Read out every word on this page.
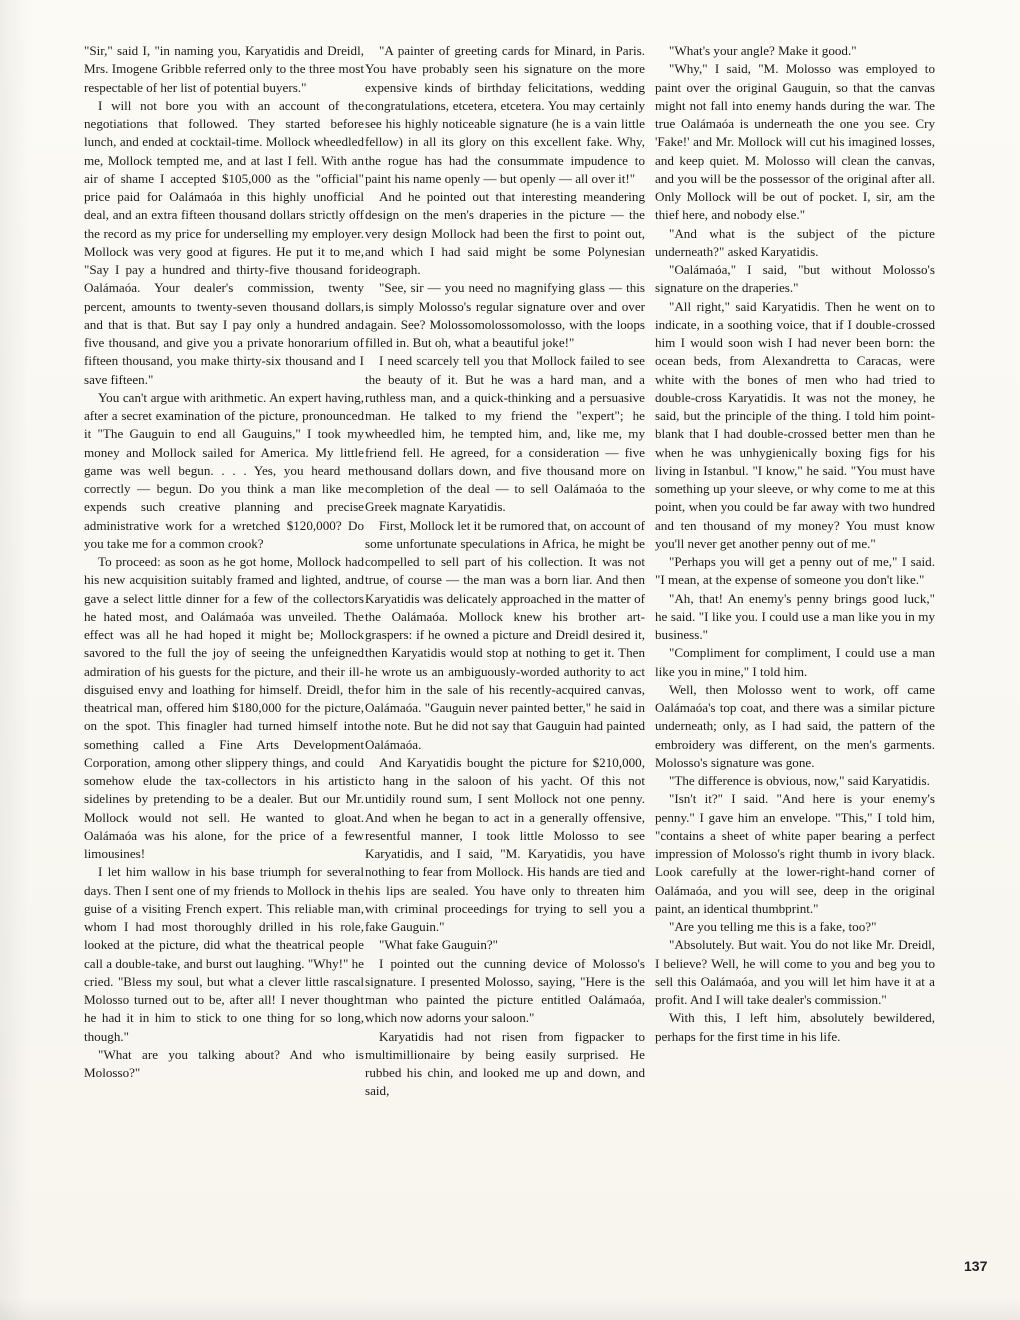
"Sir," said I, "in naming you, Karyatidis and Dreidl, Mrs. Imogene Gribble referred only to the three most respectable of her list of potential buyers."

I will not bore you with an account of the negotiations that followed. They started before lunch, and ended at cocktail-time. Mollock wheedled me, Mollock tempted me, and at last I fell. With an air of shame I accepted $105,000 as the "official" price paid for Oalámaóa in this highly unofficial deal, and an extra fifteen thousand dollars strictly off the record as my price for underselling my employer. Mollock was very good at figures. He put it to me, "Say I pay a hundred and thirty-five thousand for Oalámaóa. Your dealer's commission, twenty percent, amounts to twenty-seven thousand dollars, and that is that. But say I pay only a hundred and five thousand, and give you a private honorarium of fifteen thousand, you make thirty-six thousand and I save fifteen."

You can't argue with arithmetic. An expert having, after a secret examination of the picture, pronounced it "The Gauguin to end all Gauguins," I took my money and Mollock sailed for America. My little game was well begun. . . . Yes, you heard me correctly — begun. Do you think a man like me expends such creative planning and precise administrative work for a wretched $120,000? Do you take me for a common crook?

To proceed: as soon as he got home, Mollock had his new acquisition suitably framed and lighted, and gave a select little dinner for a few of the collectors he hated most, and Oalámaóa was unveiled. The effect was all he had hoped it might be; Mollock savored to the full the joy of seeing the unfeigned admiration of his guests for the picture, and their ill-disguised envy and loathing for himself. Dreidl, the theatrical man, offered him $180,000 for the picture, on the spot. This finagler had turned himself into something called a Fine Arts Development Corporation, among other slippery things, and could somehow elude the tax-collectors in his artistic sidelines by pretending to be a dealer. But our Mr. Mollock would not sell. He wanted to gloat. Oalámaóa was his alone, for the price of a few limousines!

I let him wallow in his base triumph for several days. Then I sent one of my friends to Mollock in the guise of a visiting French expert. This reliable man, whom I had most thoroughly drilled in his role, looked at the picture, did what the theatrical people call a double-take, and burst out laughing. "Why!" he cried. "Bless my soul, but what a clever little rascal Molosso turned out to be, after all! I never thought he had it in him to stick to one thing for so long, though."

"What are you talking about? And who is Molosso?"

"A painter of greeting cards for Minard, in Paris. You have probably seen his signature on the more expensive kinds of birthday felicitations, wedding congratulations, etcetera, etcetera. You may certainly see his highly noticeable signature (he is a vain little fellow) in all its glory on this excellent fake. Why, the rogue has had the consummate impudence to paint his name openly — but openly — all over it!"

And he pointed out that interesting meandering design on the men's draperies in the picture — the very design Mollock had been the first to point out, and which I had said might be some Polynesian ideograph.

"See, sir — you need no magnifying glass — this is simply Molosso's regular signature over and over again. See? Molossomolossomolosso, with the loops filled in. But oh, what a beautiful joke!"

I need scarcely tell you that Mollock failed to see the beauty of it. But he was a hard man, and a ruthless man, and a quick-thinking and a persuasive man. He talked to my friend the "expert"; he wheedled him, he tempted him, and, like me, my friend fell. He agreed, for a consideration — five thousand dollars down, and five thousand more on completion of the deal — to sell Oalámaóa to the Greek magnate Karyatidis.

First, Mollock let it be rumored that, on account of some unfortunate speculations in Africa, he might be compelled to sell part of his collection. It was not true, of course — the man was a born liar. And then Karyatidis was delicately approached in the matter of the Oalámaóa. Mollock knew his brother art-graspers: if he owned a picture and Dreidl desired it, then Karyatidis would stop at nothing to get it. Then he wrote us an ambiguously-worded authority to act for him in the sale of his recently-acquired canvas, Oalámaóa. "Gauguin never painted better," he said in the note. But he did not say that Gauguin had painted Oalámaóa.

And Karyatidis bought the picture for $210,000, to hang in the saloon of his yacht. Of this not untidily round sum, I sent Mollock not one penny. And when he began to act in a generally offensive, resentful manner, I took little Molosso to see Karyatidis, and I said, "M. Karyatidis, you have nothing to fear from Mollock. His hands are tied and his lips are sealed. You have only to threaten him with criminal proceedings for trying to sell you a fake Gauguin."

"What fake Gauguin?"

I pointed out the cunning device of Molosso's signature. I presented Molosso, saying, "Here is the man who painted the picture entitled Oalámaóa, which now adorns your saloon."

Karyatidis had not risen from figpacker to multimillionaire by being easily surprised. He rubbed his chin, and looked me up and down, and said,

"What's your angle? Make it good."

"Why," I said, "M. Molosso was employed to paint over the original Gauguin, so that the canvas might not fall into enemy hands during the war. The true Oalámaóa is underneath the one you see. Cry 'Fake!' and Mr. Mollock will cut his imagined losses, and keep quiet. M. Molosso will clean the canvas, and you will be the possessor of the original after all. Only Mollock will be out of pocket. I, sir, am the thief here, and nobody else."

"And what is the subject of the picture underneath?" asked Karyatidis.

"Oalámaóa," I said, "but without Molosso's signature on the draperies."

"All right," said Karyatidis. Then he went on to indicate, in a soothing voice, that if I double-crossed him I would soon wish I had never been born: the ocean beds, from Alexandretta to Caracas, were white with the bones of men who had tried to double-cross Karyatidis. It was not the money, he said, but the principle of the thing. I told him point-blank that I had double-crossed better men than he when he was unhygienically boxing figs for his living in Istanbul. "I know," he said. "You must have something up your sleeve, or why come to me at this point, when you could be far away with two hundred and ten thousand of my money? You must know you'll never get another penny out of me."

"Perhaps you will get a penny out of me," I said. "I mean, at the expense of someone you don't like."

"Ah, that! An enemy's penny brings good luck," he said. "I like you. I could use a man like you in my business."

"Compliment for compliment, I could use a man like you in mine," I told him.

Well, then Molosso went to work, off came Oalámaóa's top coat, and there was a similar picture underneath; only, as I had said, the pattern of the embroidery was different, on the men's garments. Molosso's signature was gone.

"The difference is obvious, now," said Karyatidis.

"Isn't it?" I said. "And here is your enemy's penny." I gave him an envelope. "This," I told him, "contains a sheet of white paper bearing a perfect impression of Molosso's right thumb in ivory black. Look carefully at the lower-right-hand corner of Oalámaóa, and you will see, deep in the original paint, an identical thumbprint."

"Are you telling me this is a fake, too?"

"Absolutely. But wait. You do not like Mr. Dreidl, I believe? Well, he will come to you and beg you to sell this Oalámaóa, and you will let him have it at a profit. And I will take dealer's commission."

With this, I left him, absolutely bewildered, perhaps for the first time in his life.

137
